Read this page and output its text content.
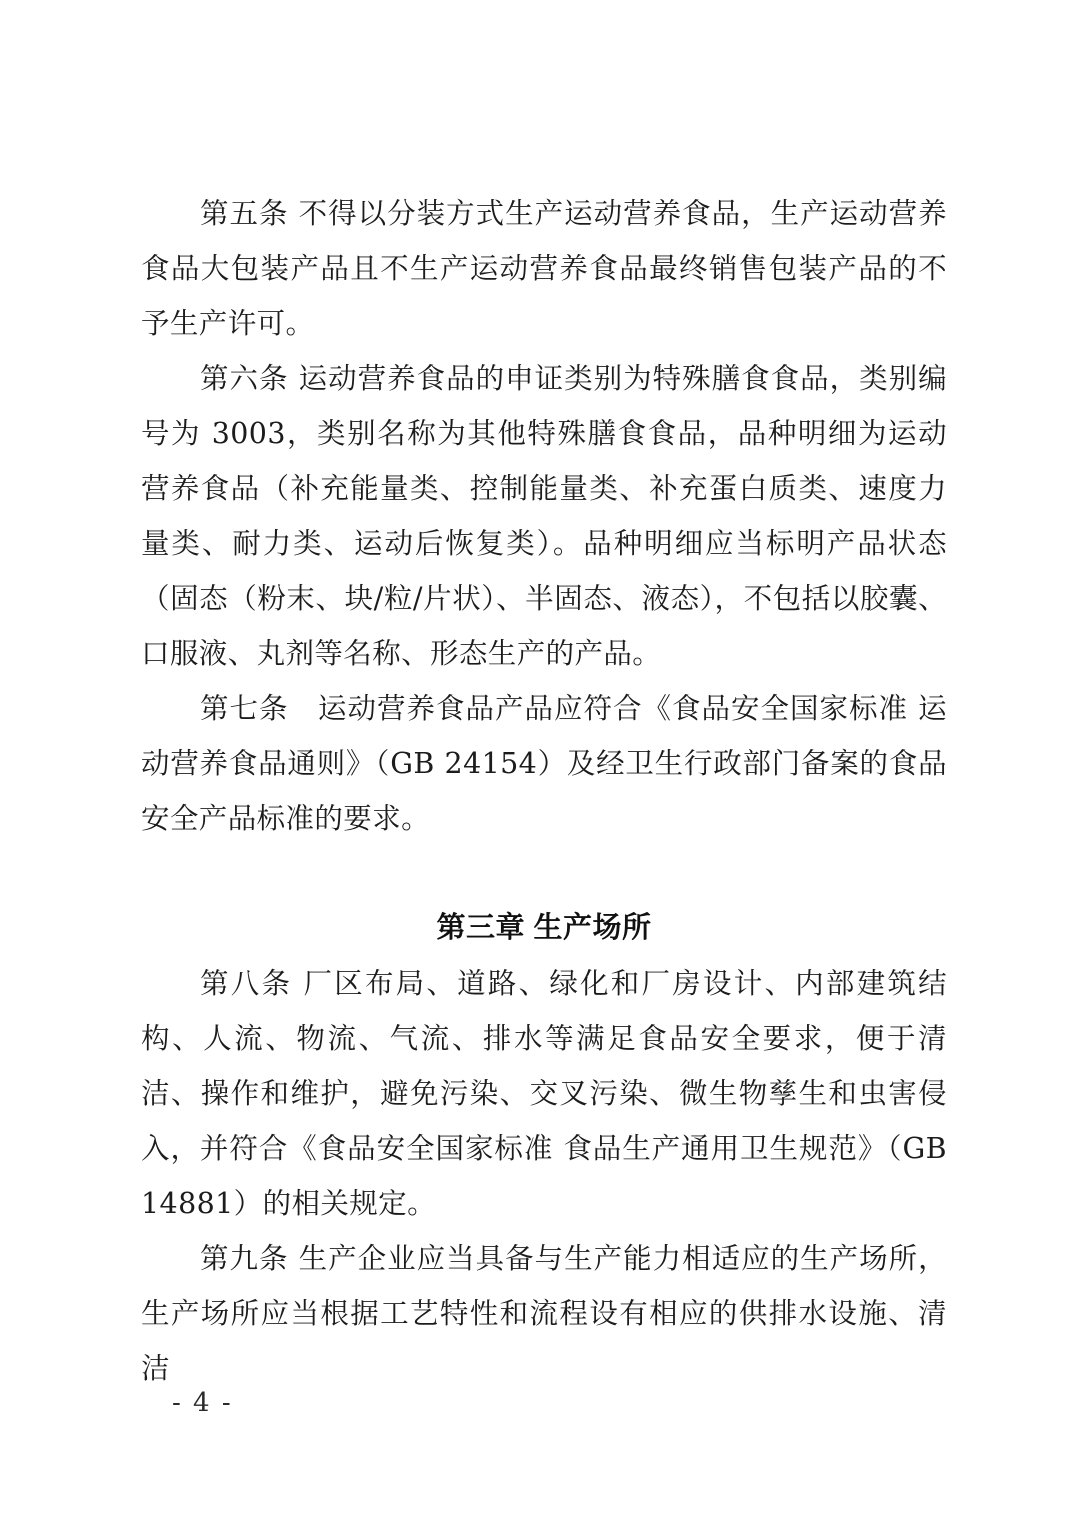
第五条 不得以分装方式生产运动营养食品，生产运动营养食品大包装产品且不生产运动营养食品最终销售包装产品的不予生产许可。

第六条 运动营养食品的申证类别为特殊膳食食品，类别编号为 3003，类别名称为其他特殊膳食食品，品种明细为运动营养食品（补充能量类、控制能量类、补充蛋白质类、速度力量类、耐力类、运动后恢复类）。品种明细应当标明产品状态（固态（粉末、块/粒/片状）、半固态、液态），不包括以胶囊、口服液、丸剂等名称、形态生产的产品。

第七条　运动营养食品产品应符合《食品安全国家标准 运动营养食品通则》（GB 24154）及经卫生行政部门备案的食品安全产品标准的要求。

第三章 生产场所

第八条 厂区布局、道路、绿化和厂房设计、内部建筑结构、人流、物流、气流、排水等满足食品安全要求，便于清洁、操作和维护，避免污染、交叉污染、微生物孳生和虫害侵入，并符合《食品安全国家标准 食品生产通用卫生规范》（GB 14881）的相关规定。

第九条 生产企业应当具备与生产能力相适应的生产场所，生产场所应当根据工艺特性和流程设有相应的供排水设施、清洁

- 4 -
